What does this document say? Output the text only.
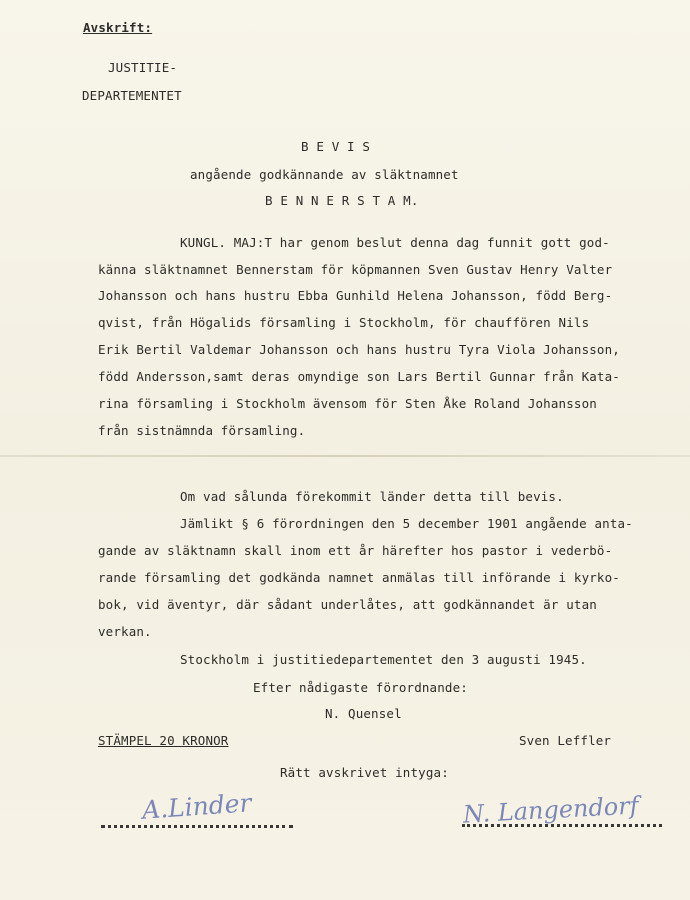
Avskrift:
JUSTITIE-
DEPARTEMENTET
B E V I S
angående godkännande av släktnamnet
B E N N E R S T A M.
KUNGL. MAJ:T har genom beslut denna dag funnit gott god-
känna släktnamnet Bennerstam för köpmannen Sven Gustav Henry Valter
Johansson och hans hustru Ebba Gunhild Helena Johansson, född Berg-
qvist, från Högalids församling i Stockholm, för chauffören Nils
Erik Bertil Valdemar Johansson och hans hustru Tyra Viola Johansson,
född Andersson,samt deras omyndige son Lars Bertil Gunnar från Kata-
rina församling i Stockholm ävensom för Sten Åke Roland Johansson
från sistnämnda församling.
Om vad sålunda förekommit länder detta till bevis.
Jämlikt § 6 förordningen den 5 december 1901 angående anta-
gande av släktnamn skall inom ett år härefter hos pastor i vederbö-
rande församling det godkända namnet anmälas till införande i kyrko-
bok, vid äventyr, där sådant underlåtes, att godkännandet är utan
verkan.
Stockholm i justitiedepartementet den 3 augusti 1945.
Efter nådigaste förordnande:
N. Quensel
STÄMPEL 20 KRONOR	Sven Leffler
Rätt avskrivet intyga:
A.Linder	N. Langendorf
